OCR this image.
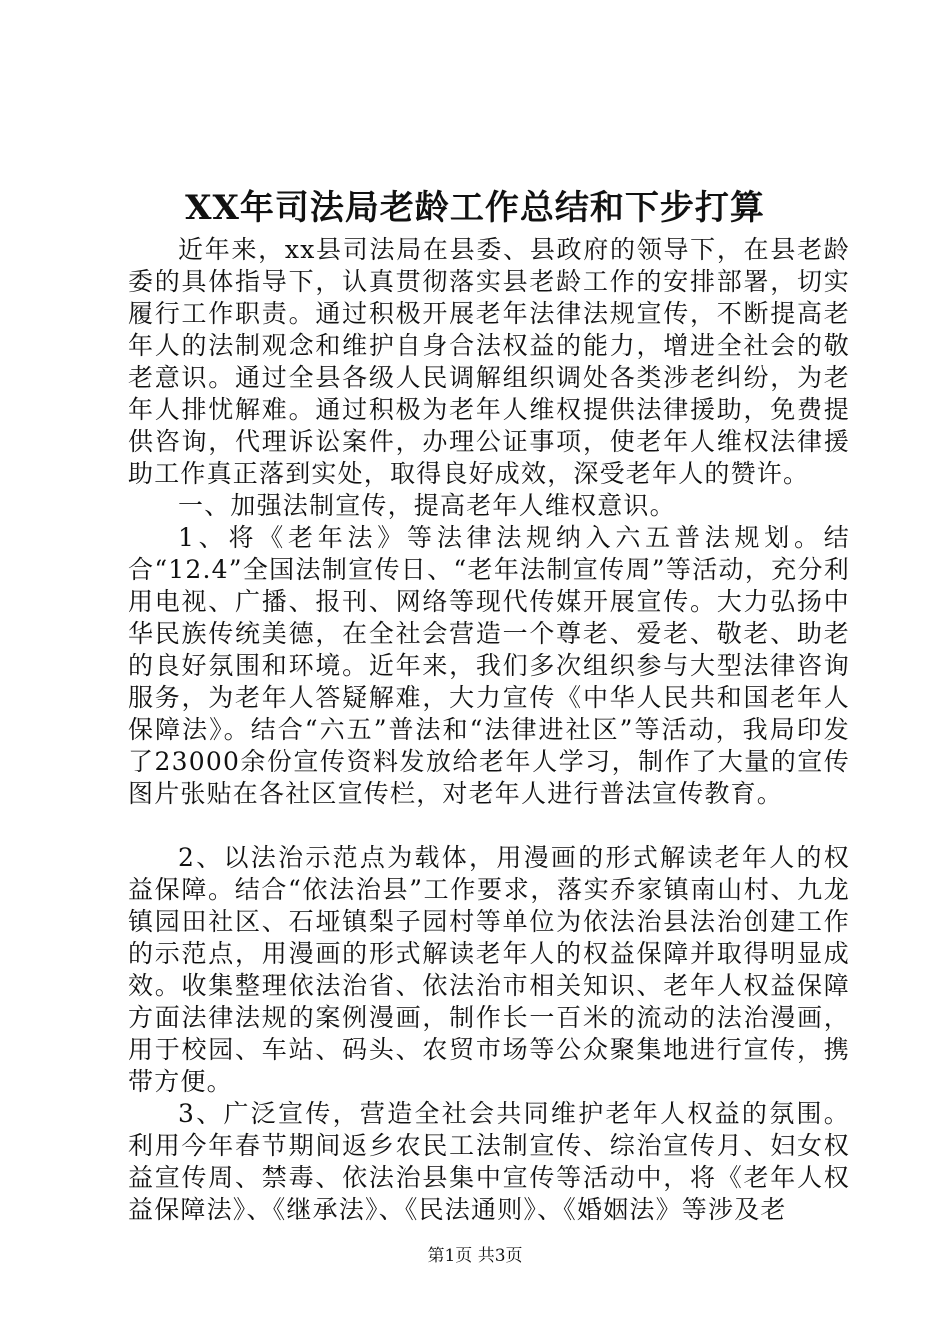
XX年司法局老龄工作总结和下步打算

近年来，xx县司法局在县委、县政府的领导下，在县老龄委的具体指导下，认真贯彻落实县老龄工作的安排部署，切实履行工作职责。通过积极开展老年法律法规宣传，不断提高老年人的法制观念和维护自身合法权益的能力，增进全社会的敬老意识。通过全县各级人民调解组织调处各类涉老纠纷，为老年人排忧解难。通过积极为老年人维权提供法律援助，免费提供咨询，代理诉讼案件，办理公证事项，使老年人维权法律援助工作真正落到实处，取得良好成效，深受老年人的赞许。

一、加强法制宣传，提高老年人维权意识。

1、将《老年法》等法律法规纳入六五普法规划。结合“12.4”全国法制宣传日、“老年法制宣传周”等活动，充分利用电视、广播、报刊、网络等现代传媒开展宣传。大力弘扬中华民族传统美德，在全社会营造一个尊老、爱老、敬老、助老的良好氛围和环境。近年来，我们多次组织参与大型法律咨询服务，为老年人答疑解难，大力宣传《中华人民共和国老年人保障法》。结合“六五”普法和“法律进社区”等活动，我局印发了23000余份宣传资料发放给老年人学习，制作了大量的宣传图片张贴在各社区宣传栏，对老年人进行普法宣传教育。

2、以法治示范点为载体，用漫画的形式解读老年人的权益保障。结合“依法治县”工作要求，落实乔家镇南山村、九龙镇园田社区、石垭镇梨子园村等单位为依法治县法治创建工作的示范点，用漫画的形式解读老年人的权益保障并取得明显成效。收集整理依法治省、依法治市相关知识、老年人权益保障方面法律法规的案例漫画，制作长一百米的流动的法治漫画，用于校园、车站、码头、农贸市场等公众聚集地进行宣传，携带方便。

3、广泛宣传，营造全社会共同维护老年人权益的氛围。利用今年春节期间返乡农民工法制宣传、综治宣传月、妇女权益宣传周、禁毒、依法治县集中宣传等活动中，将《老年人权益保障法》、《继承法》、《民法通则》、《婚姻法》等涉及老

第1页 共3页
